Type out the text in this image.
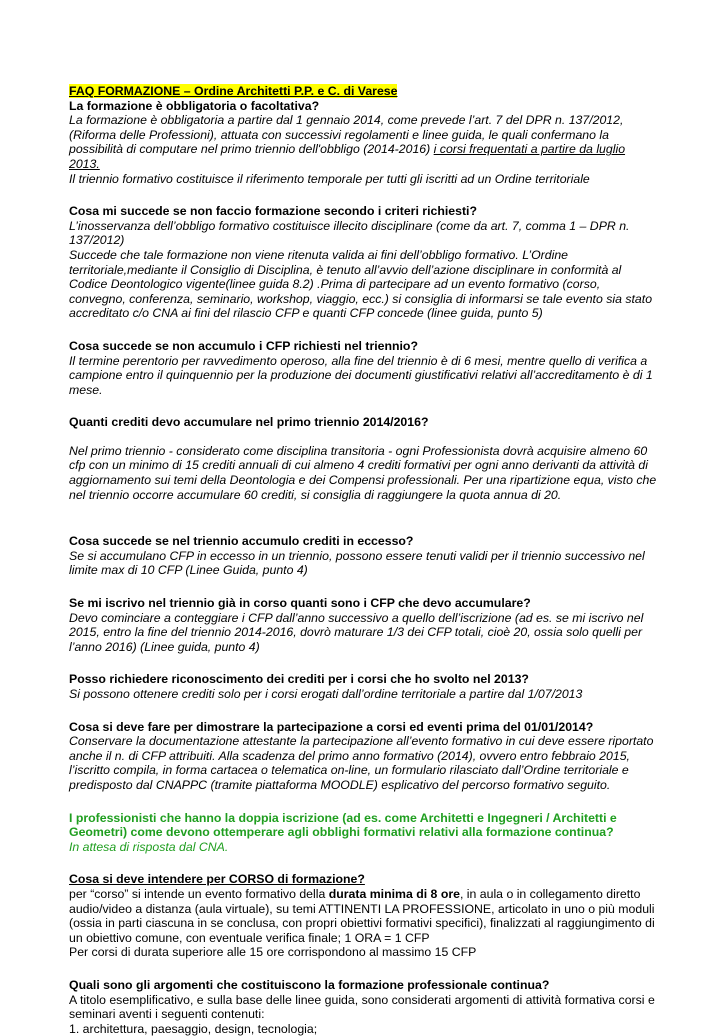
FAQ FORMAZIONE – Ordine Architetti P.P. e C. di Varese

La formazione è obbligatoria o facoltativa?

La formazione è obbligatoria a partire dal 1 gennaio 2014, come prevede l’art. 7 del DPR n. 137/2012, (Riforma delle Professioni), attuata con successivi regolamenti e linee guida, le quali confermano la possibilità di computare nel primo triennio dell'obbligo (2014-2016) i corsi frequentati a partire da luglio 2013.

Il triennio formativo costituisce il riferimento temporale per tutti gli iscritti ad un Ordine territoriale

Cosa mi succede se non faccio formazione secondo i criteri richiesti?

L’inosservanza dell’obbligo formativo costituisce illecito disciplinare (come da art. 7, comma 1 – DPR n. 137/2012)

Succede che tale formazione non viene ritenuta valida ai fini dell’obbligo formativo. L’Ordine territoriale,mediante il Consiglio di Disciplina, è tenuto all’avvio dell’azione disciplinare in conformità al Codice Deontologico vigente(linee guida 8.2) .Prima di partecipare ad un evento formativo (corso, convegno, conferenza, seminario, workshop, viaggio, ecc.) si consiglia di informarsi se tale evento sia stato accreditato c/o CNA ai fini del rilascio CFP e quanti CFP concede (linee guida, punto 5)

Cosa succede se non accumulo i CFP richiesti nel triennio?

Il termine perentorio per ravvedimento operoso, alla fine del triennio è di 6 mesi, mentre quello di verifica a campione entro il quinquennio per la produzione dei documenti giustificativi relativi all’accreditamento è di 1 mese.

Quanti crediti devo accumulare nel primo triennio 2014/2016?

Nel primo triennio - considerato come disciplina transitoria - ogni Professionista dovrà acquisire almeno 60 cfp con un minimo di 15 crediti annuali di cui almeno 4 crediti formativi per ogni anno derivanti da attività di aggiornamento sui temi della Deontologia e dei Compensi professionali. Per una ripartizione equa, visto che nel triennio occorre accumulare 60 crediti, si consiglia di raggiungere la quota annua di 20.

Cosa succede se nel triennio accumulo crediti in eccesso?

Se si accumulano CFP in eccesso in un triennio, possono essere tenuti validi per il triennio successivo nel limite max di 10 CFP (Linee Guida, punto 4)

Se mi iscrivo nel triennio già in corso quanti sono i CFP che devo accumulare?

Devo cominciare a conteggiare i CFP dall’anno successivo a quello dell’iscrizione (ad es. se mi iscrivo nel 2015, entro la fine del triennio 2014-2016, dovrò maturare 1/3 dei CFP totali, cioè 20, ossia solo quelli per l’anno 2016) (Linee guida, punto 4)

Posso richiedere riconoscimento dei crediti per i corsi che ho svolto nel 2013?

Si possono ottenere crediti solo per i corsi erogati dall’ordine territoriale a partire dal 1/07/2013

Cosa si deve fare per dimostrare la partecipazione a corsi ed eventi prima del 01/01/2014?

Conservare la documentazione attestante la partecipazione all’evento formativo in cui deve essere riportato anche il n. di CFP attribuiti. Alla scadenza del primo anno formativo (2014), ovvero entro febbraio 2015, l’iscritto compila, in forma cartacea o telematica on-line, un formulario rilasciato dall’Ordine territoriale e predisposto dal CNAPPC (tramite piattaforma MOODLE) esplicativo del percorso formativo seguito.

I professionisti che hanno la doppia iscrizione (ad es. come Architetti e Ingegneri / Architetti e Geometri) come devono ottemperare agli obblighi formativi relativi alla formazione continua?

In attesa di risposta dal CNA.

Cosa si deve intendere per CORSO di formazione?

per “corso” si intende un evento formativo della durata minima di 8 ore, in aula o in collegamento diretto audio/video a distanza (aula virtuale), su temi ATTINENTI LA PROFESSIONE, articolato in uno o più moduli (ossia in parti ciascuna in se conclusa, con propri obiettivi formativi specifici), finalizzati al raggiungimento di un obiettivo comune, con eventuale verifica finale; 1 ORA = 1 CFP

Per corsi di durata superiore alle 15 ore corrispondono al massimo 15 CFP

Quali sono gli argomenti che costituiscono la formazione professionale continua?

A titolo esemplificativo, e sulla base delle linee guida, sono considerati argomenti di attività formativa corsi e seminari aventi i seguenti contenuti:

1. architettura, paesaggio, design, tecnologia;
